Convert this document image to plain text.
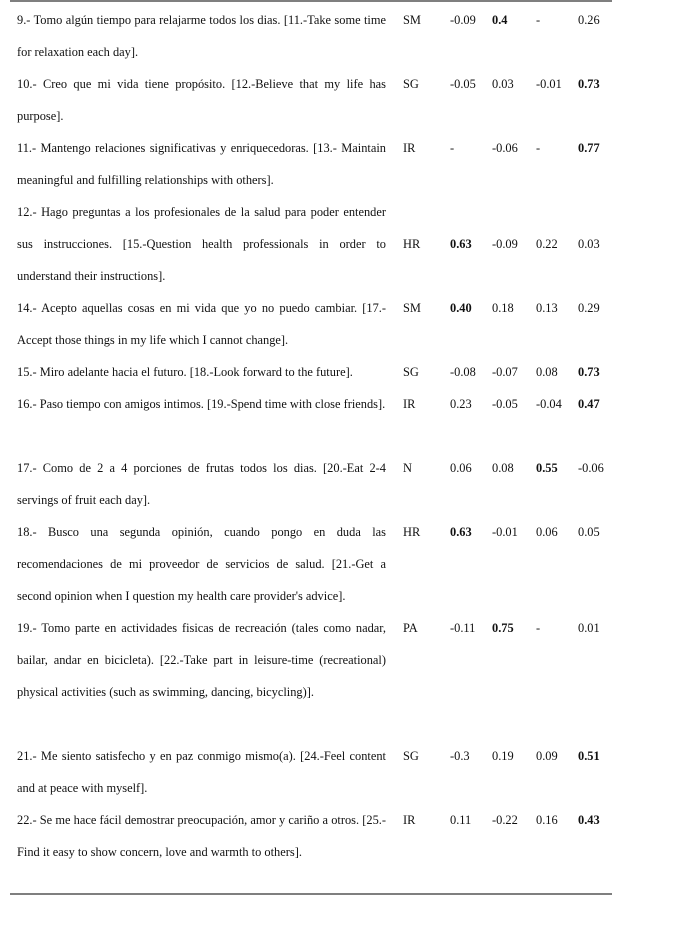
9.- Tomo algún tiempo para relajarme todos los dias. [11.-Take some time for relaxation each day].
SM -0.09 0.4 -	0.26
10.- Creo que mi vida tiene propósito. [12.-Believe that my life has purpose].
SG	-0.05 0.03 -0.01 0.73
11.- Mantengo relaciones significativas y enriquecedoras. [13.- Maintain meaningful and fulfilling relationships with others].
IR	-	-0.06 -	0.77
12.- Hago preguntas a los profesionales de la salud para poder entender sus instrucciones. [15.-Question health professionals in order to understand their instructions].
HR 0.63 -0.09 0.22 0.03
14.- Acepto aquellas cosas en mi vida que yo no puedo cambiar. [17.-Accept those things in my life which I cannot change].
SM 0.40 0.18 0.13 0.29
15.- Miro adelante hacia el futuro. [18.-Look forward to the future].	SG	-0.08 -0.07 0.08 0.73
16.- Paso tiempo con amigos intimos. [19.-Spend time with close friends]. IR	0.23 -0.05 -0.04 0.47
17.- Como de 2 a 4 porciones de frutas todos los dias. [20.-Eat 2-4 servings of fruit each day].
N	0.06 0.08 0.55 -0.06
18.- Busco una segunda opinión, cuando pongo en duda las recomendaciones de mi proveedor de servicios de salud. [21.-Get a second opinion when I question my health care provider's advice].
HR 0.63 -0.01 0.06 0.05
19.- Tomo parte en actividades fisicas de recreación (tales como nadar, bailar, andar en bicicleta). [22.-Take part in leisure-time (recreational) physical activities (such as swimming, dancing, bicycling)].
PA	-0.11 0.75 -	0.01
21.- Me siento satisfecho y en paz conmigo mismo(a). [24.-Feel content and at peace with myself].
SG	-0.3 0.19 0.09 0.51
22.- Se me hace fácil demostrar preocupación, amor y cariño a otros. [25.-Find it easy to show concern, love and warmth to others].
IR	0.11 -0.22 0.16 0.43
